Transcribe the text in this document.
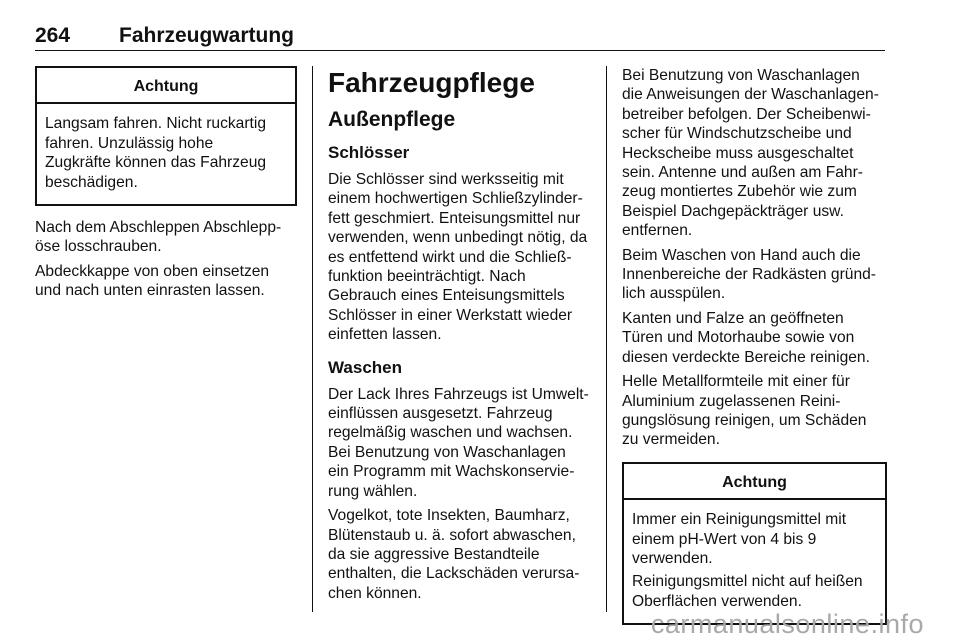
264 Fahrzeugwartung
Achtung

Langsam fahren. Nicht ruckartig
fahren. Unzulässig hohe
Zugkräfte können das Fahrzeug
beschädigen.

Nach dem Abschleppen Abschlepp-
öse losschrauben.

Abdeckkappe von oben einsetzen
und nach unten einrasten lassen.

Fahrzeugpflege
Außenpflege
Schlösser

Die Schlösser sind werksseitig mit
einem hochwertigen Schließzylinder-
fett geschmiert. Enteisungsmittel nur
verwenden, wenn unbedingt nötig, da
es entfettend wirkt und die Schließ-
funktion beeinträchtigt. Nach
Gebrauch eines Enteisungsmittels
Schlösser in einer Werkstatt wieder
einfetten lassen.

Waschen

Der Lack Ihres Fahrzeugs ist Umwelt-
einflüssen ausgesetzt. Fahrzeug
regelmäßig waschen und wachsen.
Bei Benutzung von Waschanlagen
ein Programm mit Wachskonservie-
rung wählen.

Vogelkot, tote Insekten, Baumharz,
Blütenstaub u. ä. sofort abwaschen,
da sie aggressive Bestandteile
enthalten, die Lackschäden verursa-
chen können.

Bei Benutzung von Waschanlagen
die Anweisungen der Waschanlagen-
betreiber befolgen. Der Scheibenwi-
scher für Windschutzscheibe und
Heckscheibe muss ausgeschaltet
sein. Antenne und außen am Fahr-
zeug montiertes Zubehör wie zum
Beispiel Dachgepäckträger usw.
entfernen.

Beim Waschen von Hand auch die
Innenbereiche der Radkästen gründ-
lich ausspülen.

Kanten und Falze an geöffneten
Türen und Motorhaube sowie von
diesen verdeckte Bereiche reinigen.

Helle Metallformteile mit einer für
Aluminium zugelassenen Reini-
gungslösung reinigen, um Schäden
zu vermeiden.

Achtung

Immer ein Reinigungsmittel mit
einem pH-Wert von 4 bis 9
verwenden.

Reinigungsmittel nicht auf heißen
Oberflächen verwenden.

carmanualsonline.info
